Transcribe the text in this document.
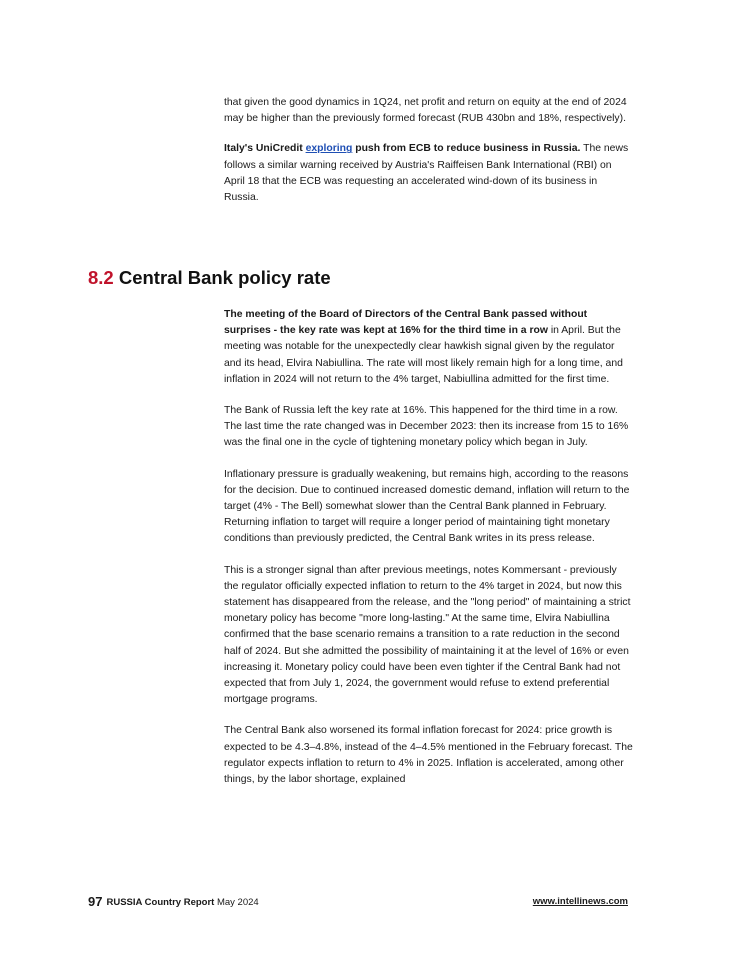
that given the good dynamics in 1Q24, net profit and return on equity at the end of 2024 may be higher than the previously formed forecast (RUB 430bn and 18%, respectively).

Italy's UniCredit exploring push from ECB to reduce business in Russia. The news follows a similar warning received by Austria's Raiffeisen Bank International (RBI) on April 18 that the ECB was requesting an accelerated wind-down of its business in Russia.

8.2 Central Bank policy rate

The meeting of the Board of Directors of the Central Bank passed without surprises - the key rate was kept at 16% for the third time in a row in April. But the meeting was notable for the unexpectedly clear hawkish signal given by the regulator and its head, Elvira Nabiullina. The rate will most likely remain high for a long time, and inflation in 2024 will not return to the 4% target, Nabiullina admitted for the first time.

The Bank of Russia left the key rate at 16%. This happened for the third time in a row. The last time the rate changed was in December 2023: then its increase from 15 to 16% was the final one in the cycle of tightening monetary policy which began in July.

Inflationary pressure is gradually weakening, but remains high, according to the reasons for the decision. Due to continued increased domestic demand, inflation will return to the target (4% - The Bell) somewhat slower than the Central Bank planned in February. Returning inflation to target will require a longer period of maintaining tight monetary conditions than previously predicted, the Central Bank writes in its press release.

This is a stronger signal than after previous meetings, notes Kommersant - previously the regulator officially expected inflation to return to the 4% target in 2024, but now this statement has disappeared from the release, and the "long period" of maintaining a strict monetary policy has become "more long-lasting." At the same time, Elvira Nabiullina confirmed that the base scenario remains a transition to a rate reduction in the second half of 2024. But she admitted the possibility of maintaining it at the level of 16% or even increasing it. Monetary policy could have been even tighter if the Central Bank had not expected that from July 1, 2024, the government would refuse to extend preferential mortgage programs.

The Central Bank also worsened its formal inflation forecast for 2024: price growth is expected to be 4.3–4.8%, instead of the 4–4.5% mentioned in the February forecast. The regulator expects inflation to return to 4% in 2025. Inflation is accelerated, among other things, by the labor shortage, explained

97 RUSSIA Country Report May 2024	www.intellinews.com
